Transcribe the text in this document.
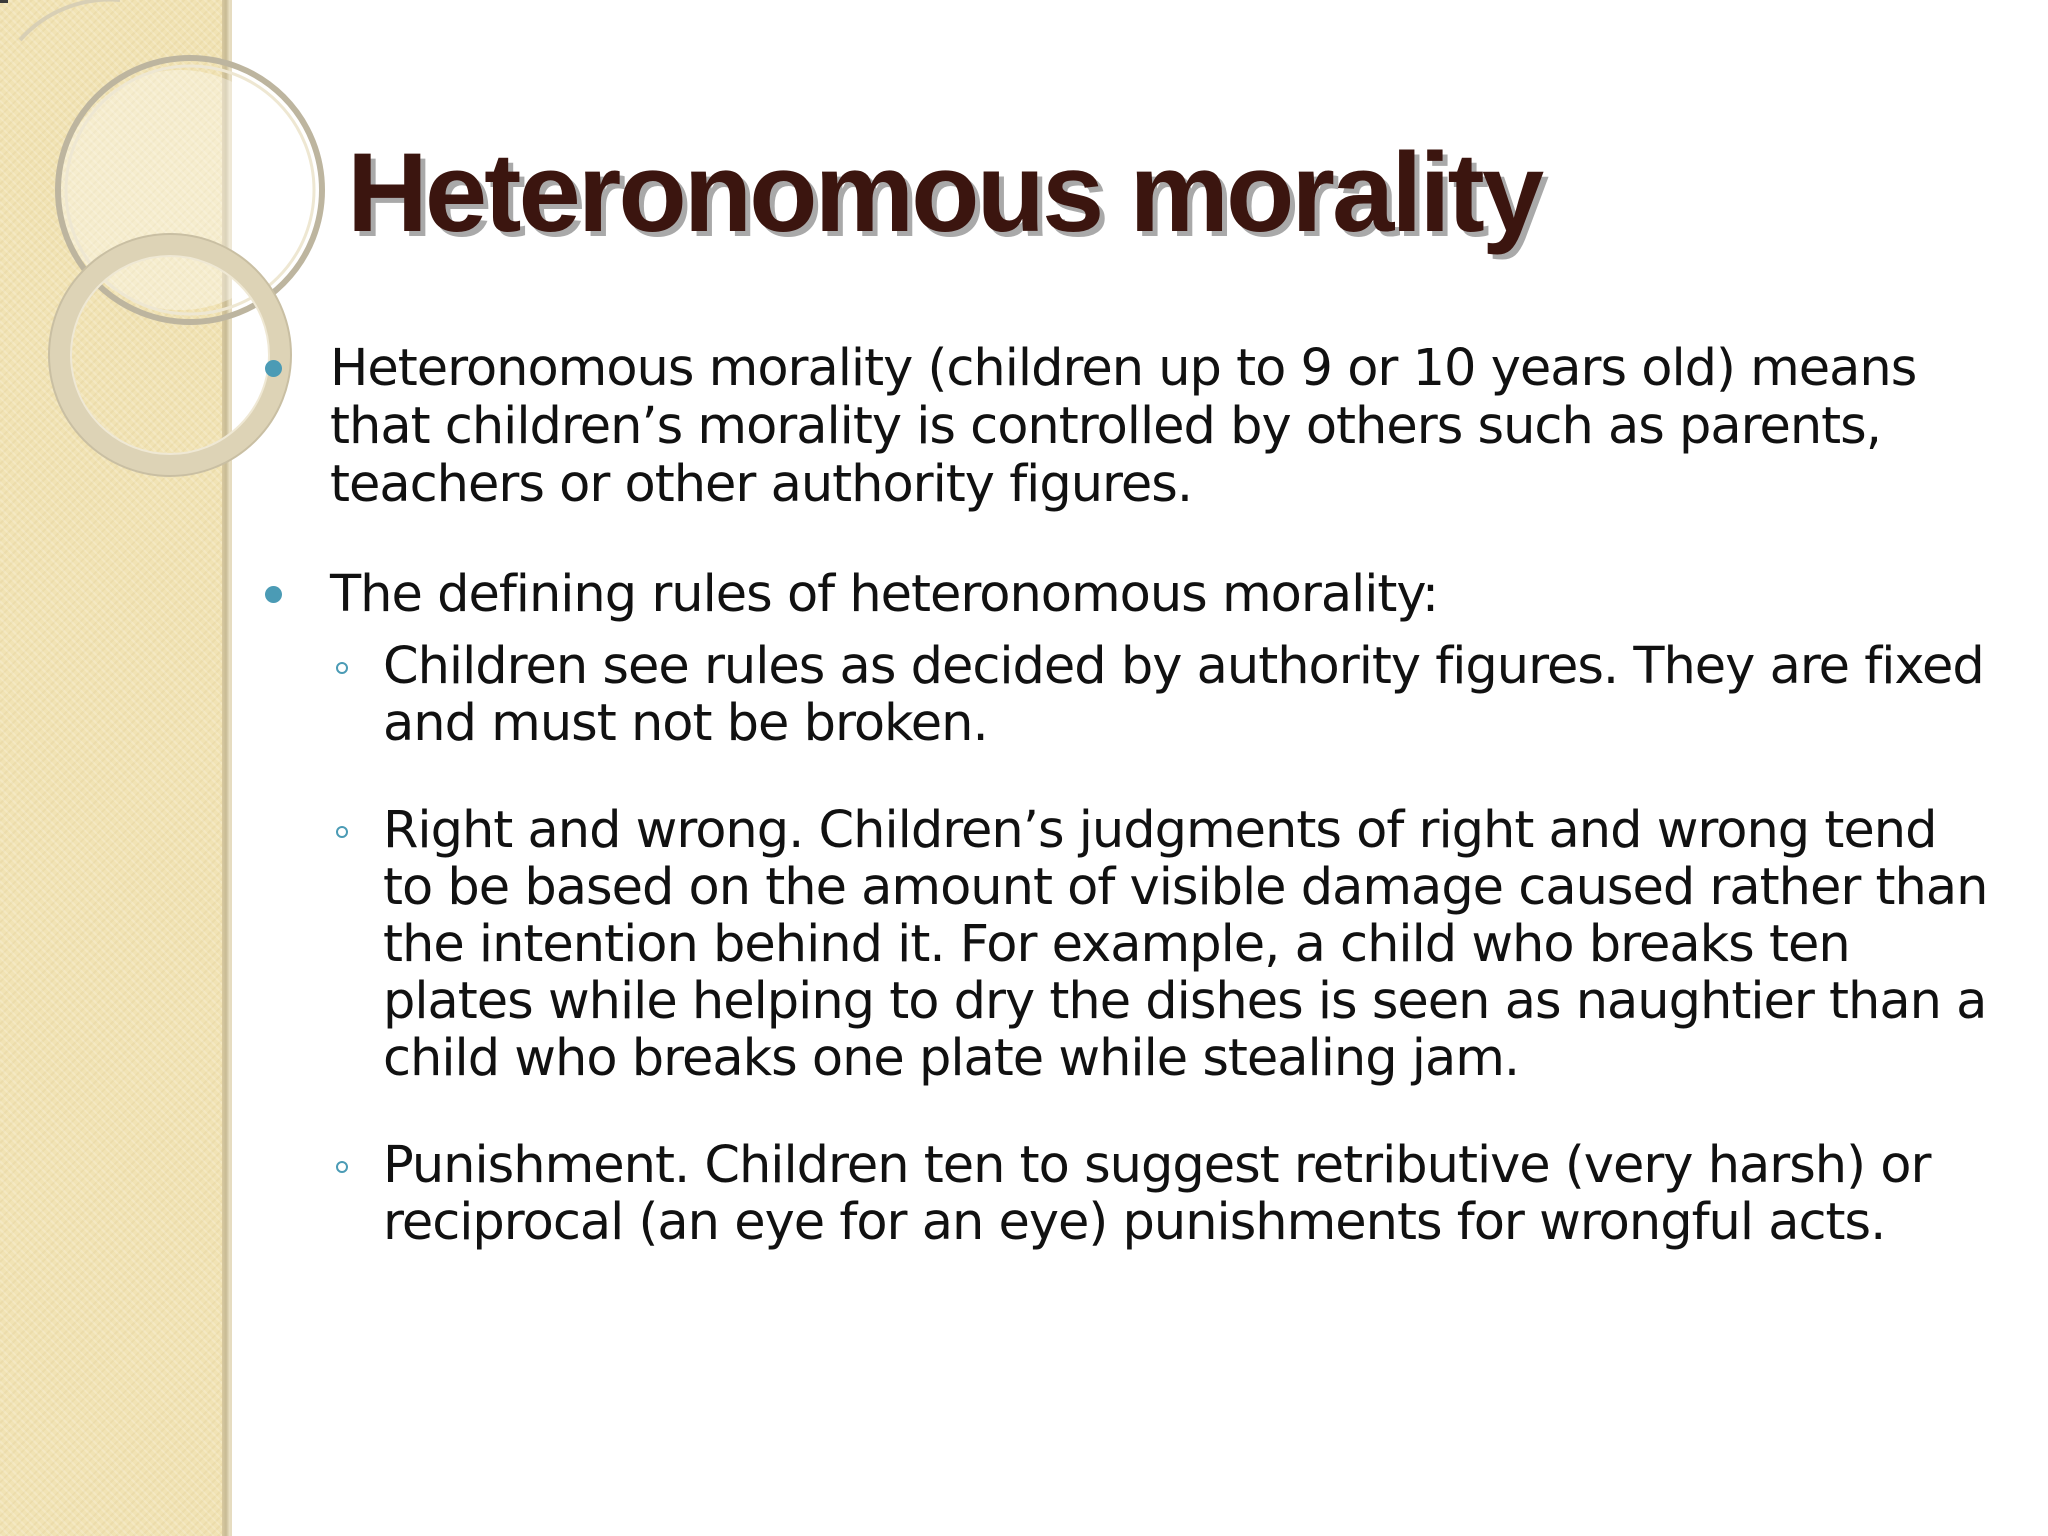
Heteronomous morality
Heteronomous morality (children up to 9 or 10 years old) means that children’s morality is controlled by others such as parents, teachers or other authority figures.
The defining rules of heteronomous morality:
Children see rules as decided by authority figures. They are fixed and must not be broken.
Right and wrong. Children’s judgments of right and wrong tend to be based on the amount of visible damage caused rather than the intention behind it. For example, a child who breaks ten plates while helping to dry the dishes is seen as naughtier than a child who breaks one plate while stealing jam.
Punishment. Children ten to suggest retributive (very harsh) or reciprocal (an eye for an eye) punishments for wrongful acts.
